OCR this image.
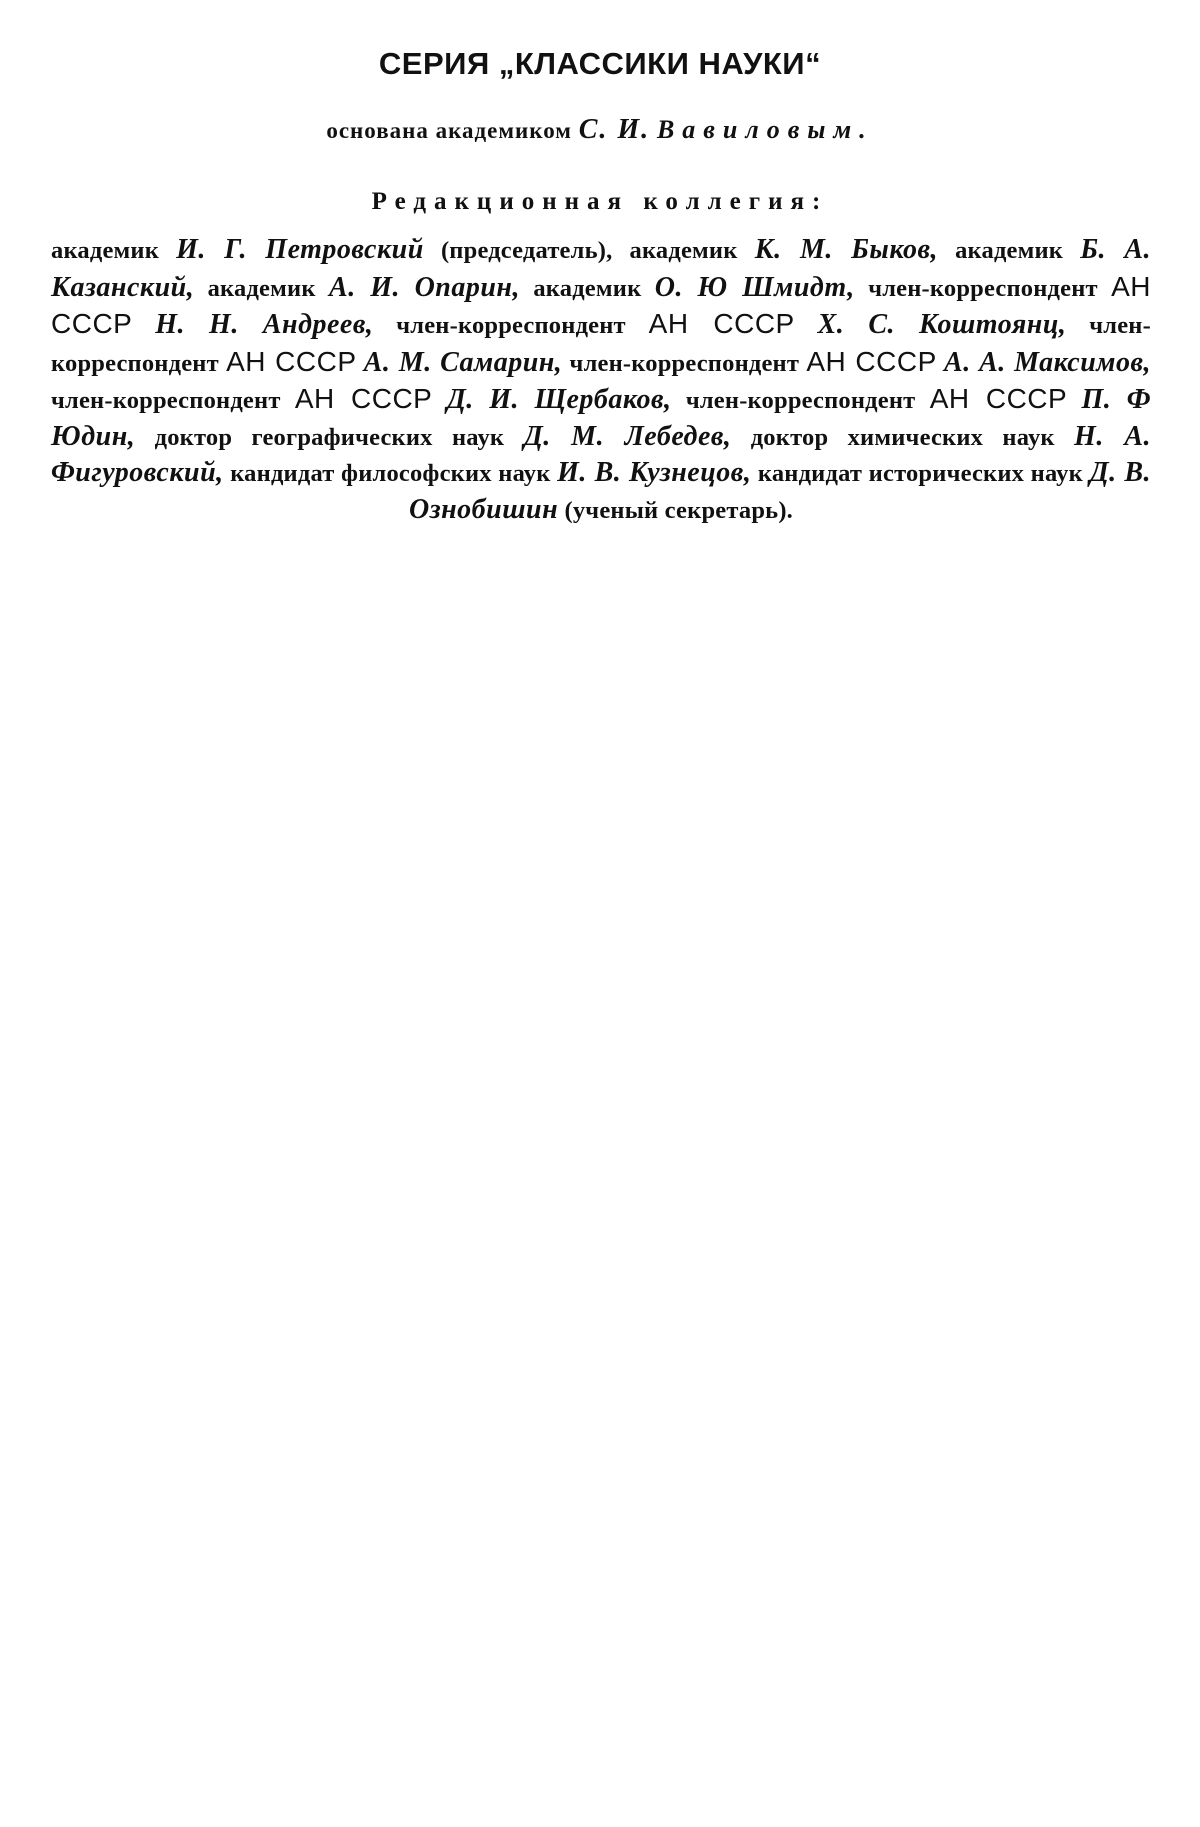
СЕРИЯ „КЛАССИКИ НАУКИ“
основана академиком С. И. Вавиловым.
Редакционная коллегия:
академик И. Г. Петровский (председатель), академик К. М. Быков, академик Б. А. Казанский, академик А. И. Опарин, академик О. Ю Шмидт, член-корреспондент АН СССР Н. Н. Андреев, член-корреспондент АН СССР Х. С. Коштоянц, член-корреспондент АН СССР А. М. Самарин, член-корреспондент АН СССР А. А. Максимов, член-корреспондент АН СССР Д. И. Щербаков, член-корреспондент АН СССР П. Ф Юдин, доктор географических наук Д. М. Лебедев, доктор химических наук Н. А. Фигуровский, кандидат философских наук И. В. Кузнецов, кандидат исторических наук Д. В. Ознобишин (ученый секретарь).
